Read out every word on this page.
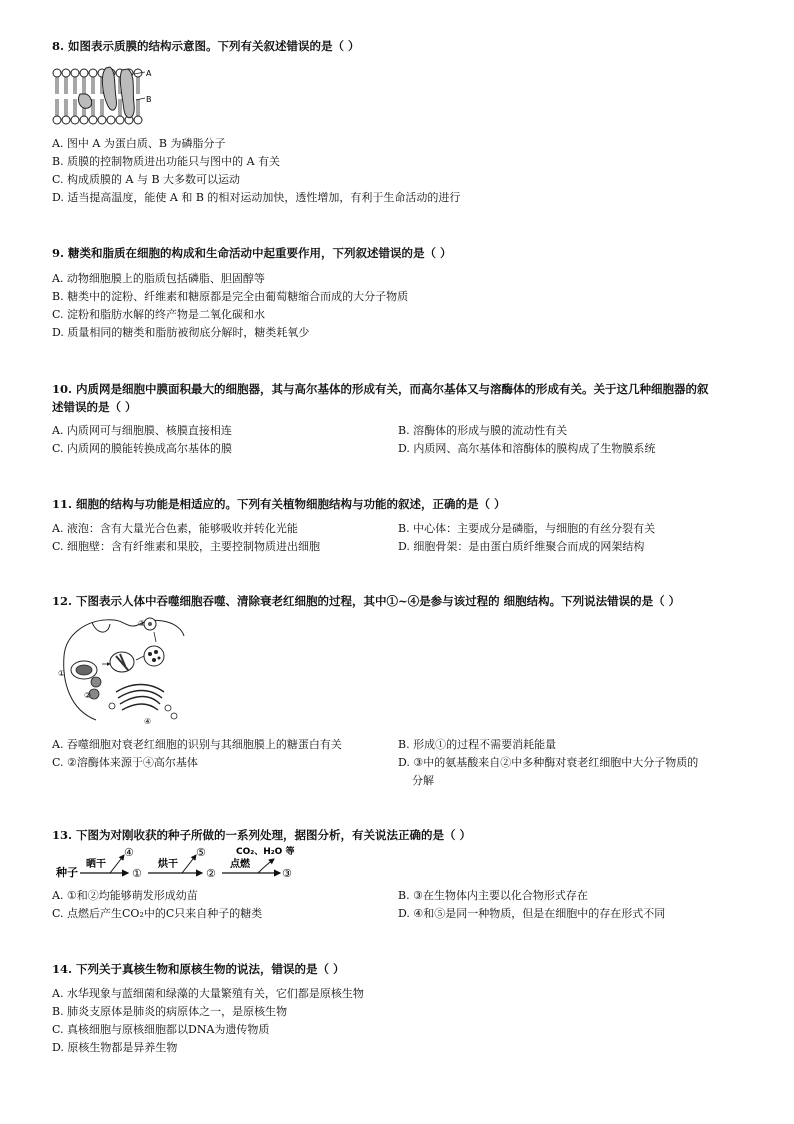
8. 如图表示质膜的结构示意图。下列有关叙述错误的是（ ）
A
B
A. 图中 A 为蛋白质、B 为磷脂分子
B. 质膜的控制物质进出功能只与图中的 A 有关
C. 构成质膜的 A 与 B 大多数可以运动
D. 适当提高温度，能使 A 和 B 的相对运动加快，透性增加，有利于生命活动的进行
9. 糖类和脂质在细胞的构成和生命活动中起重要作用，下列叙述错误的是（ ）
A. 动物细胞膜上的脂质包括磷脂、胆固醇等
B. 糖类中的淀粉、纤维素和糖原都是完全由葡萄糖缩合而成的大分子物质
C. 淀粉和脂肪水解的终产物是二氧化碳和水
D. 质量相同的糖类和脂肪被彻底分解时，糖类耗氧少
10. 内质网是细胞中膜面积最大的细胞器，其与高尔基体的形成有关，而高尔基体又与溶酶体的形成有关。关于这几种细胞器的叙
述错误的是（ ）
A. 内质网可与细胞膜、核膜直接相连	B. 溶酶体的形成与膜的流动性有关
C. 内质网的膜能转换成高尔基体的膜	D. 内质网、高尔基体和溶酶体的膜构成了生物膜系统
11. 细胞的结构与功能是相适应的。下列有关植物细胞结构与功能的叙述，正确的是（ ）
A. 液泡：含有大量光合色素，能够吸收并转化光能	B. 中心体：主要成分是磷脂，与细胞的有丝分裂有关
C. 细胞壁：含有纤维素和果胶，主要控制物质进出细胞	D. 细胞骨架：是由蛋白质纤维聚合而成的网架结构
12. 下图表示人体中吞噬细胞吞噬、清除衰老红细胞的过程，其中①~④是参与该过程的 细胞结构。下列说法错误的是（ ）
①
③
②
④
A. 吞噬细胞对衰老红细胞的识别与其细胞膜上的糖蛋白有关	B. 形成①的过程不需要消耗能量
C. ②溶酶体来源于④高尔基体	D. ③中的氨基酸来自②中多种酶对衰老红细胞中大分子物质的
分解
13. 下图为对刚收获的种子所做的一系列处理，据图分析，有关说法正确的是（ ）
种子
晒干
④
①
烘干
⑤
②
点燃
CO₂、H₂O 等
③
A. ①和②均能够萌发形成幼苗	B. ③在生物体内主要以化合物形式存在
C. 点燃后产生CO₂中的C只来自种子的糖类	D. ④和⑤是同一种物质，但是在细胞中的存在形式不同
14. 下列关于真核生物和原核生物的说法，错误的是（ ）
A. 水华现象与蓝细菌和绿藻的大量繁殖有关，它们都是原核生物
B. 肺炎支原体是肺炎的病原体之一，是原核生物
C. 真核细胞与原核细胞都以DNA为遗传物质
D. 原核生物都是异养生物
